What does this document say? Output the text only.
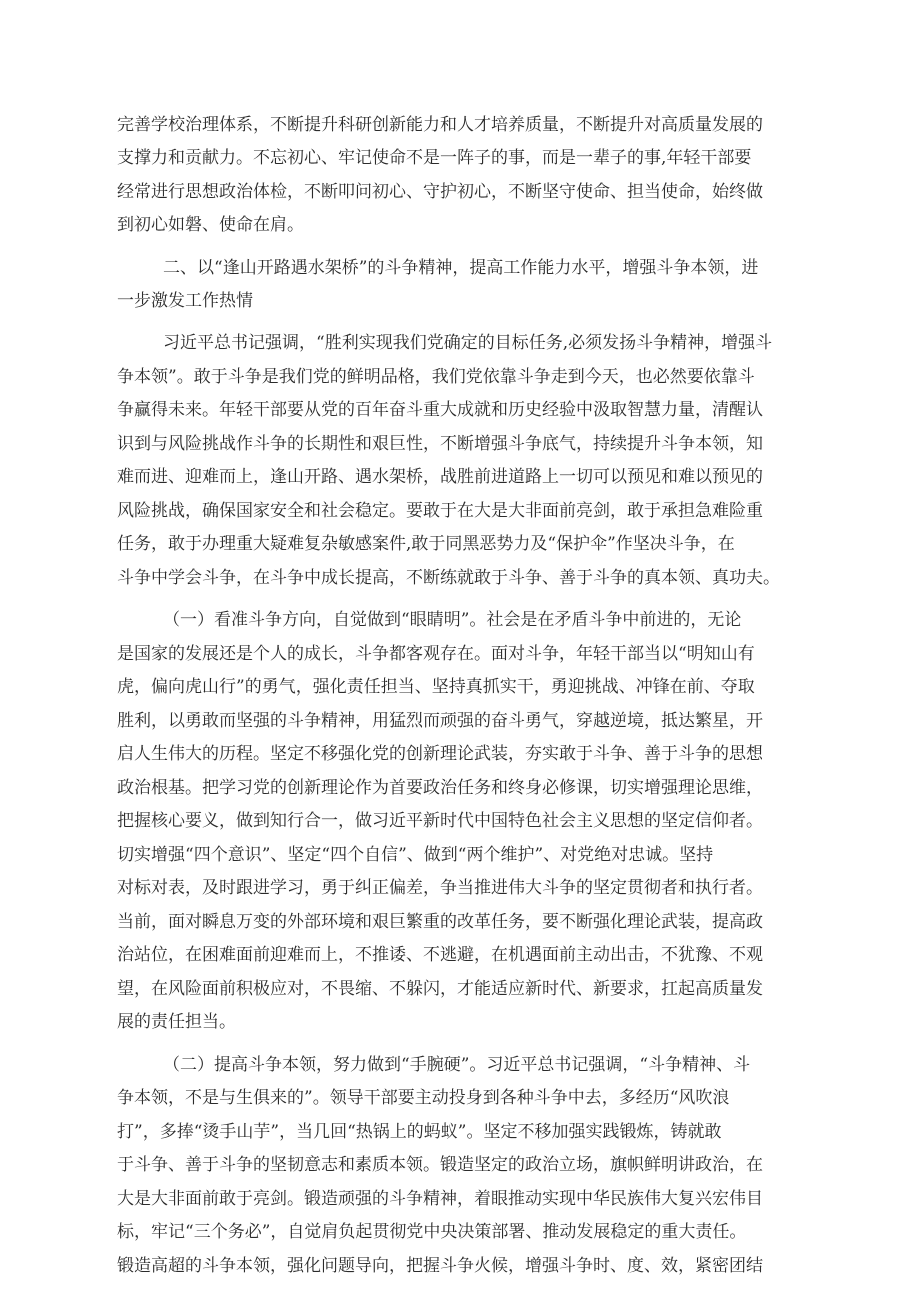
完善学校治理体系，不断提升科研创新能力和人才培养质量，不断提升对高质量发展的

支撑力和贡献力。不忘初心、牢记使命不是一阵子的事，而是一辈子的事,年轻干部要

经常进行思想政治体检，不断叩问初心、守护初心，不断坚守使命、担当使命，始终做

到初心如磐、使命在肩。

二、以“逢山开路遇水架桥”的斗争精神，提高工作能力水平，增强斗争本领，进

一步激发工作热情

习近平总书记强调，“胜利实现我们党确定的目标任务,必须发扬斗争精神，增强斗

争本领”。敢于斗争是我们党的鲜明品格，我们党依靠斗争走到今天，也必然要依靠斗

争赢得未来。年轻干部要从党的百年奋斗重大成就和历史经验中汲取智慧力量，清醒认

识到与风险挑战作斗争的长期性和艰巨性，不断增强斗争底气，持续提升斗争本领，知

难而进、迎难而上，逢山开路、遇水架桥，战胜前进道路上一切可以预见和难以预见的

风险挑战，确保国家安全和社会稳定。要敢于在大是大非面前亮剑，敢于承担急难险重

任务，敢于办理重大疑难复杂敏感案件,敢于同黑恶势力及“保护伞”作坚决斗争，在

斗争中学会斗争，在斗争中成长提高，不断练就敢于斗争、善于斗争的真本领、真功夫。

（一）看准斗争方向，自觉做到“眼睛明”。社会是在矛盾斗争中前进的，无论

是国家的发展还是个人的成长，斗争都客观存在。面对斗争，年轻干部当以“明知山有

虎，偏向虎山行”的勇气，强化责任担当、坚持真抓实干，勇迎挑战、冲锋在前、夺取

胜利，以勇敢而坚强的斗争精神，用猛烈而顽强的奋斗勇气，穿越逆境，抵达繁星，开

启人生伟大的历程。坚定不移强化党的创新理论武装，夯实敢于斗争、善于斗争的思想

政治根基。把学习党的创新理论作为首要政治任务和终身必修课，切实增强理论思维，

把握核心要义，做到知行合一，做习近平新时代中国特色社会主义思想的坚定信仰者。

切实增强“四个意识”、坚定“四个自信”、做到“两个维护”、对党绝对忠诚。坚持

对标对表，及时跟进学习，勇于纠正偏差，争当推进伟大斗争的坚定贯彻者和执行者。

当前，面对瞬息万变的外部环境和艰巨繁重的改革任务，要不断强化理论武装，提高政

治站位，在困难面前迎难而上，不推诿、不逃避，在机遇面前主动出击，不犹豫、不观

望，在风险面前积极应对，不畏缩、不躲闪，才能适应新时代、新要求，扛起高质量发

展的责任担当。

（二）提高斗争本领，努力做到“手腕硬”。习近平总书记强调，“斗争精神、斗

争本领，不是与生俱来的”。领导干部要主动投身到各种斗争中去，多经历“风吹浪

打”，多捧“烫手山芋”，当几回“热锅上的蚂蚁”。坚定不移加强实践锻炼，铸就敢

于斗争、善于斗争的坚韧意志和素质本领。锻造坚定的政治立场，旗帜鲜明讲政治，在

大是大非面前敢于亮剑。锻造顽强的斗争精神，着眼推动实现中华民族伟大复兴宏伟目

标，牢记“三个务必”，自觉肩负起贯彻党中央决策部署、推动发展稳定的重大责任。

锻造高超的斗争本领，强化问题导向，把握斗争火候，增强斗争时、度、效，紧密团结
